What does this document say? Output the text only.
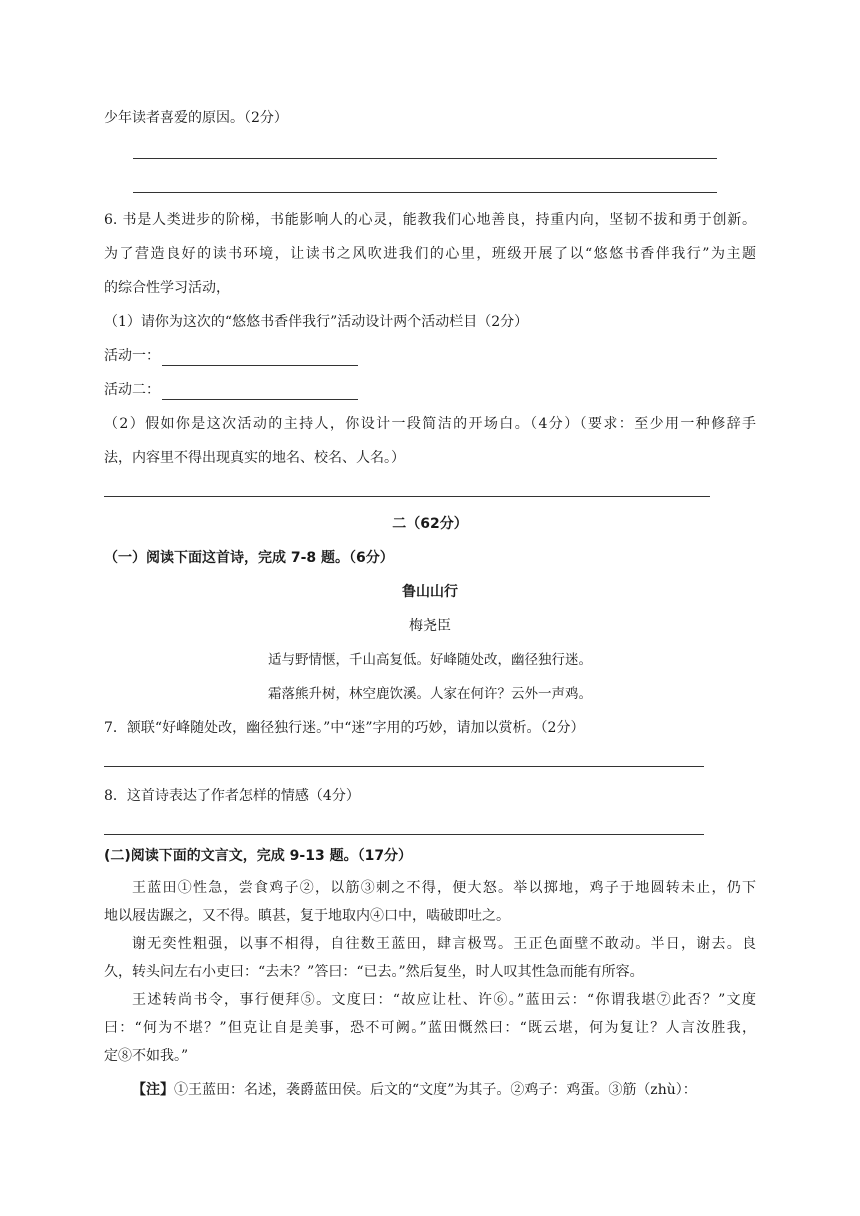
少年读者喜爱的原因。（2分）
6. 书是人类进步的阶梯，书能影响人的心灵，能教我们心地善良，持重内向，坚韧不拔和勇于创新。
为了营造良好的读书环境，让读书之风吹进我们的心里，班级开展了以“悠悠书香伴我行”为主题
的综合性学习活动，
（1）请你为这次的“悠悠书香伴我行”活动设计两个活动栏目（2分）
活动一：
活动二：
（2）假如你是这次活动的主持人，你设计一段简洁的开场白。（4分）（要求：至少用一种修辞手
法，内容里不得出现真实的地名、校名、人名。）
二（62分）
（一）阅读下面这首诗，完成 7-8 题。（6分）
鲁山山行
梅尧臣
适与野情惬，千山高复低。好峰随处改，幽径独行迷。
霜落熊升树，林空鹿饮溪。人家在何许？云外一声鸡。
7．颔联“好峰随处改，幽径独行迷。”中“迷”字用的巧妙，请加以赏析。（2分）
8．这首诗表达了作者怎样的情感（4分）
(二)阅读下面的文言文，完成 9-13 题。（17分）
王蓝田①性急，尝食鸡子②，以筋③刺之不得，便大怒。举以掷地，鸡子于地圆转未止，仍下
地以屐齿蹍之，又不得。瞋甚，复于地取内④口中，啮破即吐之。
谢无奕性粗强，以事不相得，自往数王蓝田，肆言极骂。王正色面壁不敢动。半日，谢去。良
久，转头问左右小吏曰：“去未？”答曰：“已去。”然后复坐，时人叹其性急而能有所容。
王述转尚书令，事行便拜⑤。文度曰：“故应让杜、许⑥。”蓝田云：“你谓我堪⑦此否？”文度
曰：“何为不堪？”但克让自是美事，恐不可阙。”蓝田慨然曰：“既云堪，何为复让？人言汝胜我，
定⑧不如我。”
【注】①王蓝田：名述，袭爵蓝田侯。后文的“文度”为其子。②鸡子：鸡蛋。③筋（zhù）：
